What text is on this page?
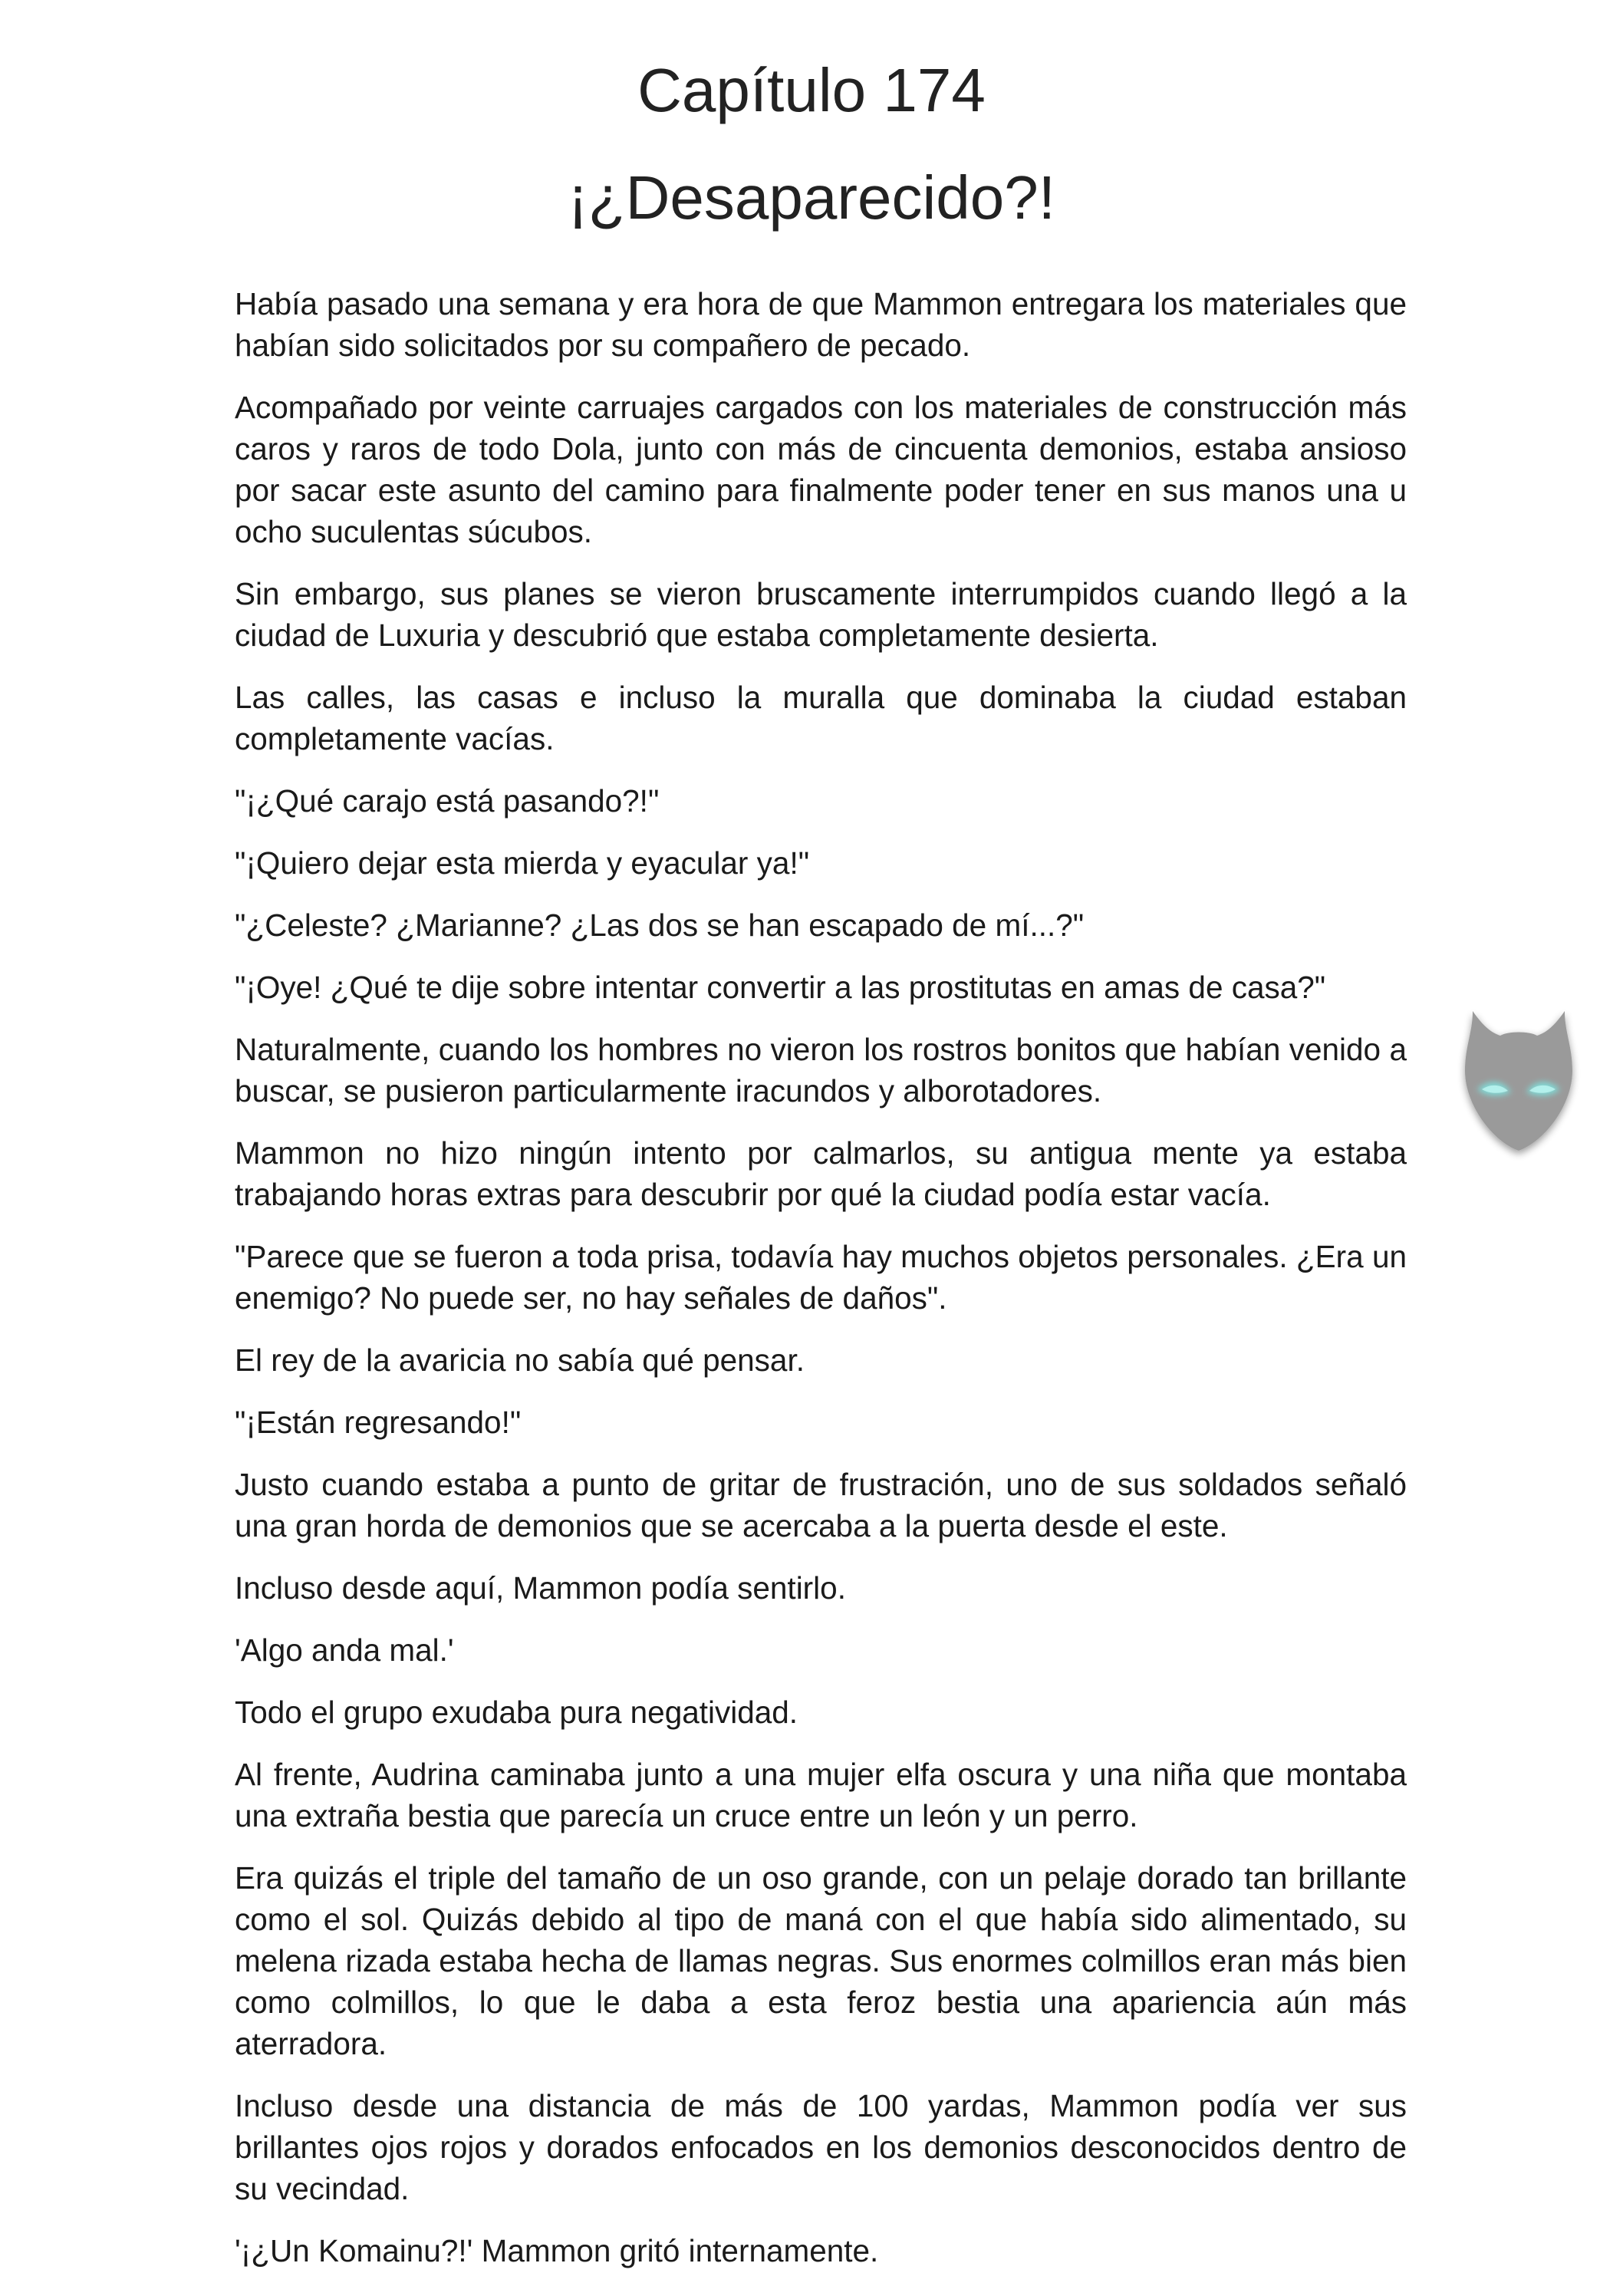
Capítulo 174
¡¿Desaparecido?!

Había pasado una semana y era hora de que Mammon entregara los materiales que habían sido solicitados por su compañero de pecado.

Acompañado por veinte carruajes cargados con los materiales de construcción más caros y raros de todo Dola, junto con más de cincuenta demonios, estaba ansioso por sacar este asunto del camino para finalmente poder tener en sus manos una u ocho suculentas súcubos.

Sin embargo, sus planes se vieron bruscamente interrumpidos cuando llegó a la ciudad de Luxuria y descubrió que estaba completamente desierta.

Las calles, las casas e incluso la muralla que dominaba la ciudad estaban completamente vacías.

"¡¿Qué carajo está pasando?!"

"¡Quiero dejar esta mierda y eyacular ya!"

"¿Celeste? ¿Marianne? ¿Las dos se han escapado de mí...?"

"¡Oye! ¿Qué te dije sobre intentar convertir a las prostitutas en amas de casa?"

Naturalmente, cuando los hombres no vieron los rostros bonitos que habían venido a buscar, se pusieron particularmente iracundos y alborotadores.

Mammon no hizo ningún intento por calmarlos, su antigua mente ya estaba trabajando horas extras para descubrir por qué la ciudad podía estar vacía.

"Parece que se fueron a toda prisa, todavía hay muchos objetos personales. ¿Era un enemigo? No puede ser, no hay señales de daños".

El rey de la avaricia no sabía qué pensar.

"¡Están regresando!"

Justo cuando estaba a punto de gritar de frustración, uno de sus soldados señaló una gran horda de demonios que se acercaba a la puerta desde el este.

Incluso desde aquí, Mammon podía sentirlo.

'Algo anda mal.'

Todo el grupo exudaba pura negatividad.

Al frente, Audrina caminaba junto a una mujer elfa oscura y una niña que montaba una extraña bestia que parecía un cruce entre un león y un perro.

Era quizás el triple del tamaño de un oso grande, con un pelaje dorado tan brillante como el sol. Quizás debido al tipo de maná con el que había sido alimentado, su melena rizada estaba hecha de llamas negras. Sus enormes colmillos eran más bien como colmillos, lo que le daba a esta feroz bestia una apariencia aún más aterradora.

Incluso desde una distancia de más de 100 yardas, Mammon podía ver sus brillantes ojos rojos y dorados enfocados en los demonios desconocidos dentro de su vecindad.

'¡¿Un Komainu?!' Mammon gritó internamente.
